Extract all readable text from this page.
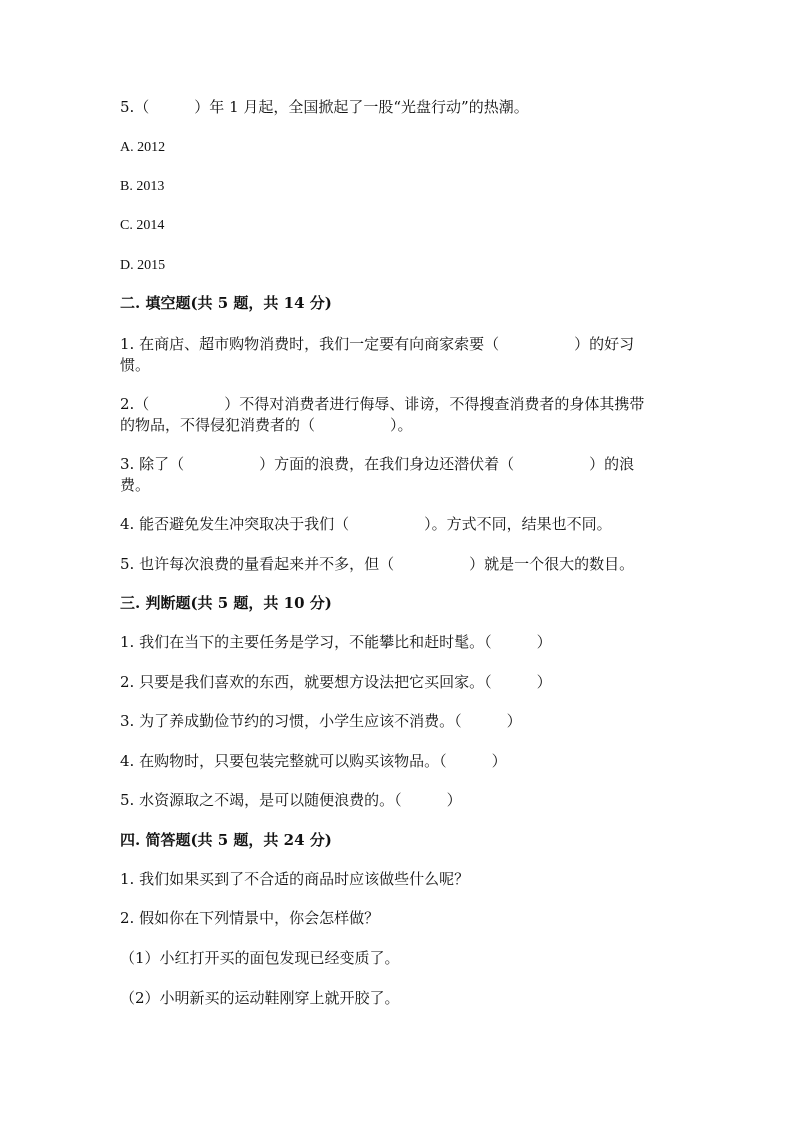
5.（　　　）年 1 月起，全国掀起了一股“光盘行动”的热潮。

A. 2012

B. 2013

C. 2014

D. 2015

二. 填空题(共 5 题，共 14 分)

1. 在商店、超市购物消费时，我们一定要有向商家索要（　　　　　）的好习

惯。

2.（　　　　　）不得对消费者进行侮辱、诽谤，不得搜查消费者的身体其携带

的物品，不得侵犯消费者的（　　　　　）。

3. 除了（　　　　　）方面的浪费，在我们身边还潜伏着（　　　　　）的浪

费。

4. 能否避免发生冲突取决于我们（　　　　　）。方式不同，结果也不同。

5. 也许每次浪费的量看起来并不多，但（　　　　　）就是一个很大的数目。

三. 判断题(共 5 题，共 10 分)

1. 我们在当下的主要任务是学习，不能攀比和赶时髦。（　　　）

2. 只要是我们喜欢的东西，就要想方设法把它买回家。（　　　）

3. 为了养成勤俭节约的习惯，小学生应该不消费。（　　　）

4. 在购物时，只要包装完整就可以购买该物品。（　　　）

5. 水资源取之不竭，是可以随便浪费的。（　　　）

四. 简答题(共 5 题，共 24 分)

1. 我们如果买到了不合适的商品时应该做些什么呢？

2. 假如你在下列情景中，你会怎样做？

（1）小红打开买的面包发现已经变质了。

（2）小明新买的运动鞋刚穿上就开胶了。
